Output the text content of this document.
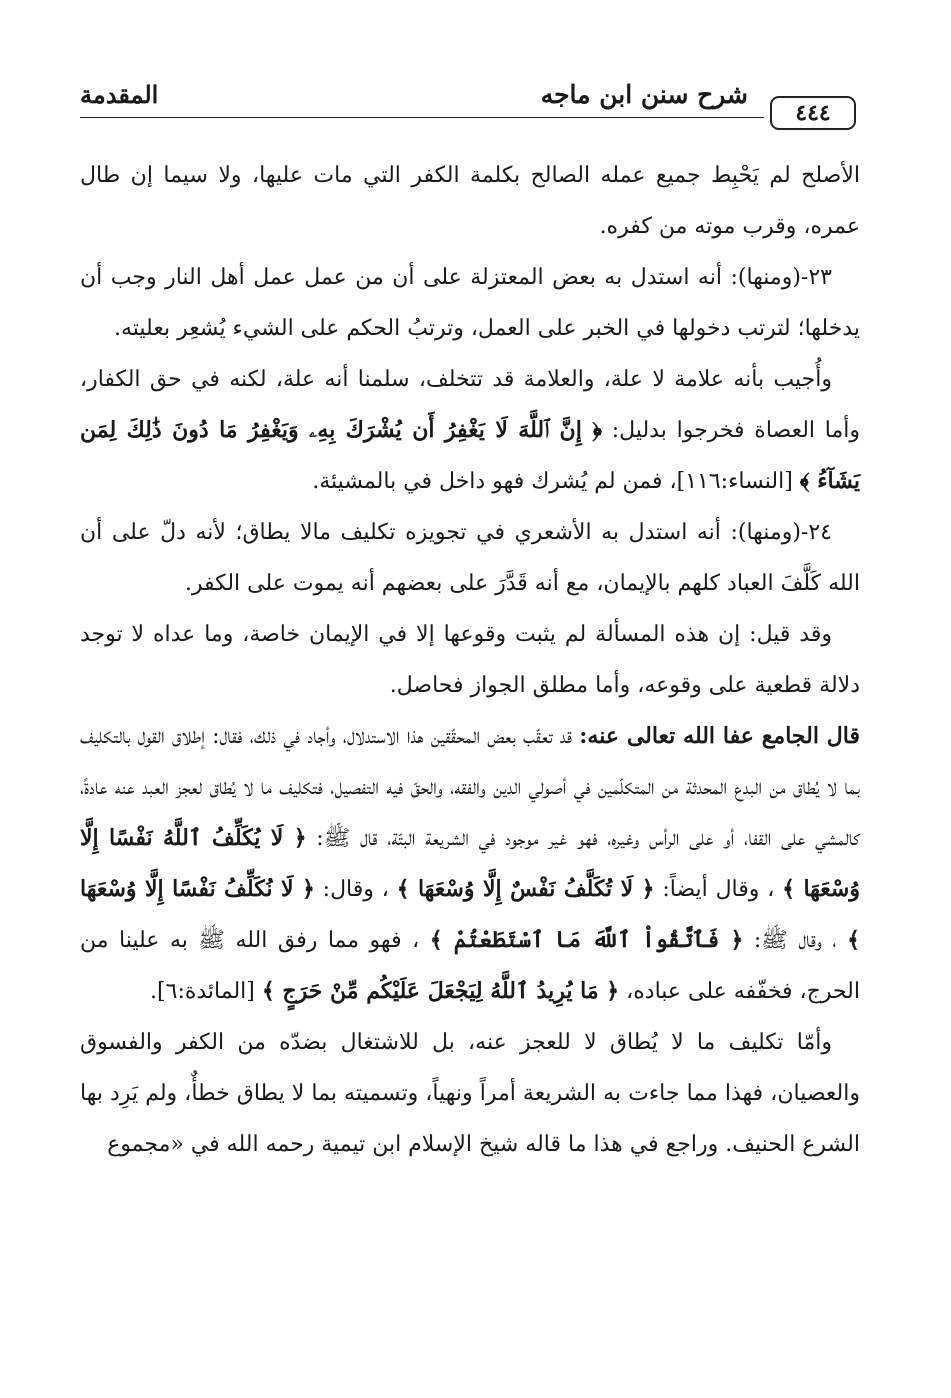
المقدمة	شرح سنن ابن ماجه
٤٤٤

الأصلح لم يَحْبِط جميع عمله الصالح بكلمة الكفر التي مات عليها، ولا سيما إن طال عمره، وقرب موته من كفره.

٢٣-(ومنها): أنه استدل به بعض المعتزلة على أن من عمل عمل أهل النار وجب أن يدخلها؛ لترتب دخولها في الخبر على العمل، وترتبُ الحكم على الشيء يُشعِر بعليته.

وأُجيب بأنه علامة لا علة، والعلامة قد تتخلف، سلمنا أنه علة، لكنه في حق الكفار، وأما العصاة فخرجوا بدليل: ﴿ إِنَّ ٱللَّهَ لَا يَغْفِرُ أَن يُشْرَكَ بِهِۦ وَيَغْفِرُ مَا دُونَ ذَٰلِكَ لِمَن يَشَآءُ ﴾ [النساء:١١٦]، فمن لم يُشرك فهو داخل في بالمشيئة.

٢٤-(ومنها): أنه استدل به الأشعري في تجويزه تكليف مالا يطاق؛ لأنه دلّ على أن الله كَلَّفَ العباد كلهم بالإيمان، مع أنه قَدَّرَ على بعضهم أنه يموت على الكفر.

وقد قيل: إن هذه المسألة لم يثبت وقوعها إلا في الإيمان خاصة، وما عداه لا توجد دلالة قطعية على وقوعه، وأما مطلق الجواز فحاصل.

قال الجامع عفا الله تعالى عنه: قد تعقّب بعض المحقّقين هذا الاستدلال، وأجاد في ذلك، فقال: إطلاق القول بالتكليف بما لا يُطاق من البدع المحدثة من المتكلّمين في أصولي الدين والفقه، والحقّ فيه التفصيل، فتكليف ما لا يُطاق لعجز العبد عنه عادةً، كالمشي على القفا، أو على الرأس وغيره، فهو غير موجود في الشريعة البتّة، قال ﷺ: ﴿ لَا يُكَلِّفُ ٱللَّهُ نَفْسًا إِلَّا وُسْعَهَا ﴾ ، وقال أيضاً: ﴿ لَا تُكَلَّفُ نَفْسٌ إِلَّا وُسْعَهَا ﴾ ، وقال: ﴿ لَا نُكَلِّفُ نَفْسًا إِلَّا وُسْعَهَا ﴾ ، وقال ﷺ: ﴿ فَٱتَّقُواْ ٱللَّهَ مَا ٱسْتَطَعْتُمْ ﴾ ، فهو مما رفق الله ﷺ به علينا من الحرج، فخفّفه على عباده، ﴿ مَا يُرِيدُ ٱللَّهُ لِيَجْعَلَ عَلَيْكُم مِّنْ حَرَجٍ ﴾ [المائدة:٦].

وأمّا تكليف ما لا يُطاق لا للعجز عنه، بل للاشتغال بضدّه من الكفر والفسوق والعصيان، فهذا مما جاءت به الشريعة أمراً ونهياً، وتسميته بما لا يطاق خطأٌ، ولم يَرِد بها الشرع الحنيف. وراجع في هذا ما قاله شيخ الإسلام ابن تيمية رحمه الله في «مجموع
